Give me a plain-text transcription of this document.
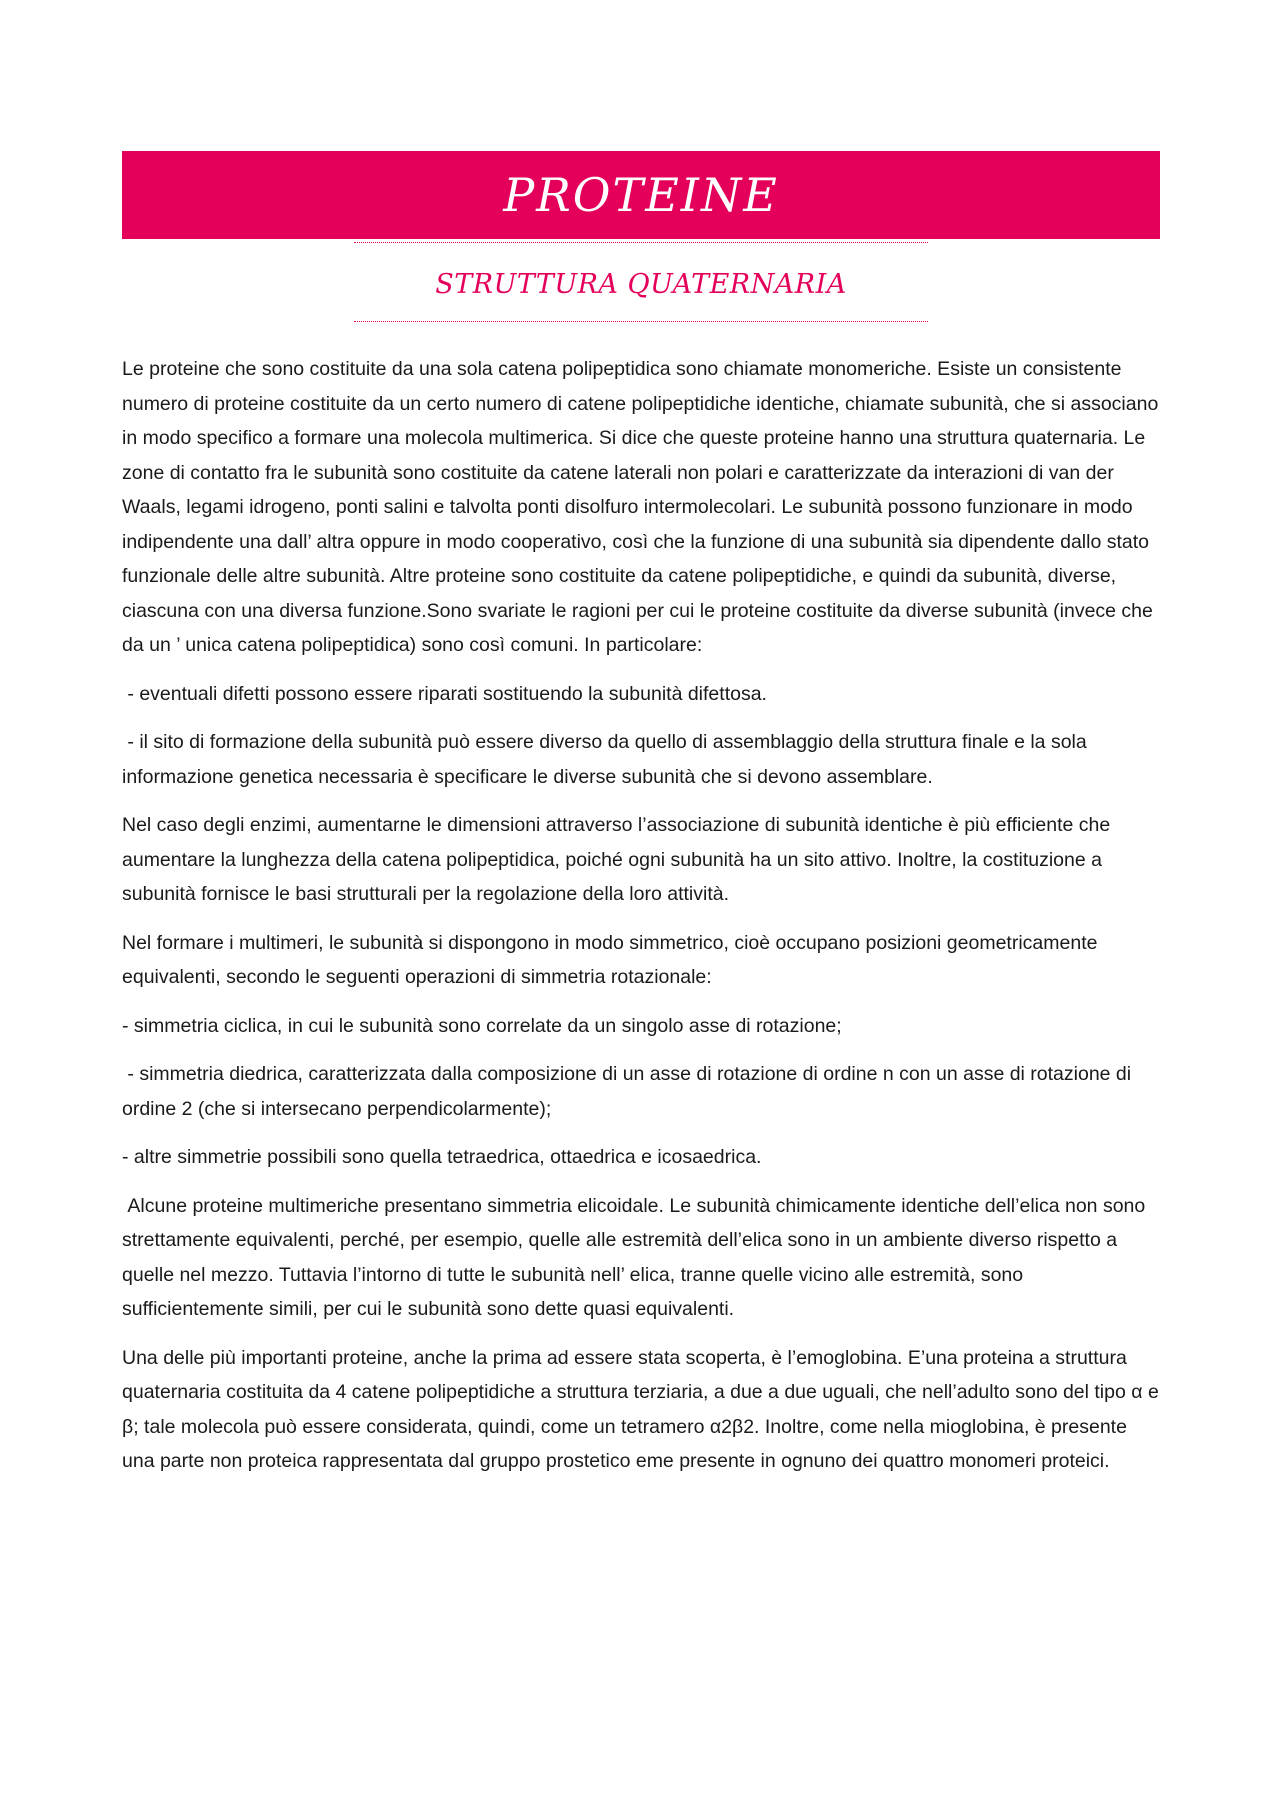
PROTEINE
STRUTTURA QUATERNARIA

Le proteine che sono costituite da una sola catena polipeptidica sono chiamate monomeriche. Esiste un consistente numero di proteine costituite da un certo numero di catene polipeptidiche identiche, chiamate subunità, che si associano in modo specifico a formare una molecola multimerica. Si dice che queste proteine hanno una struttura quaternaria. Le zone di contatto fra le subunità sono costituite da catene laterali non polari e caratterizzate da interazioni di van der Waals, legami idrogeno, ponti salini e talvolta ponti disolfuro intermolecolari. Le subunità possono funzionare in modo indipendente una dall’ altra oppure in modo cooperativo, così che la funzione di una subunità sia dipendente dallo stato funzionale delle altre subunità. Altre proteine sono costituite da catene polipeptidiche, e quindi da subunità, diverse, ciascuna con una diversa funzione.Sono svariate le ragioni per cui le proteine costituite da diverse subunità (invece che da un ’ unica catena polipeptidica) sono così comuni. In particolare:

- eventuali difetti possono essere riparati sostituendo la subunità difettosa.

- il sito di formazione della subunità può essere diverso da quello di assemblaggio della struttura finale e la sola informazione genetica necessaria è specificare le diverse subunità che si devono assemblare.

Nel caso degli enzimi, aumentarne le dimensioni attraverso l’associazione di subunità identiche è più efficiente che aumentare la lunghezza della catena polipeptidica, poiché ogni subunità ha un sito attivo. Inoltre, la costituzione a subunità fornisce le basi strutturali per la regolazione della loro attività.

Nel formare i multimeri, le subunità si dispongono in modo simmetrico, cioè occupano posizioni geometricamente equivalenti, secondo le seguenti operazioni di simmetria rotazionale:

- simmetria ciclica, in cui le subunità sono correlate da un singolo asse di rotazione;

- simmetria diedrica, caratterizzata dalla composizione di un asse di rotazione di ordine n con un asse di rotazione di ordine 2 (che si intersecano perpendicolarmente);

- altre simmetrie possibili sono quella tetraedrica, ottaedrica e icosaedrica.

Alcune proteine multimeriche presentano simmetria elicoidale. Le subunità chimicamente identiche dell’elica non sono strettamente equivalenti, perché, per esempio, quelle alle estremità dell’elica sono in un ambiente diverso rispetto a quelle nel mezzo. Tuttavia l’intorno di tutte le subunità nell’ elica, tranne quelle vicino alle estremità, sono sufficientemente simili, per cui le subunità sono dette quasi equivalenti.

Una delle più importanti proteine, anche la prima ad essere stata scoperta, è l’emoglobina. E’una proteina a struttura quaternaria costituita da 4 catene polipeptidiche a struttura terziaria, a due a due uguali, che nell’adulto sono del tipo α e β; tale molecola può essere considerata, quindi, come un tetramero α2β2. Inoltre, come nella mioglobina, è presente una parte non proteica rappresentata dal gruppo prostetico eme presente in ognuno dei quattro monomeri proteici.
